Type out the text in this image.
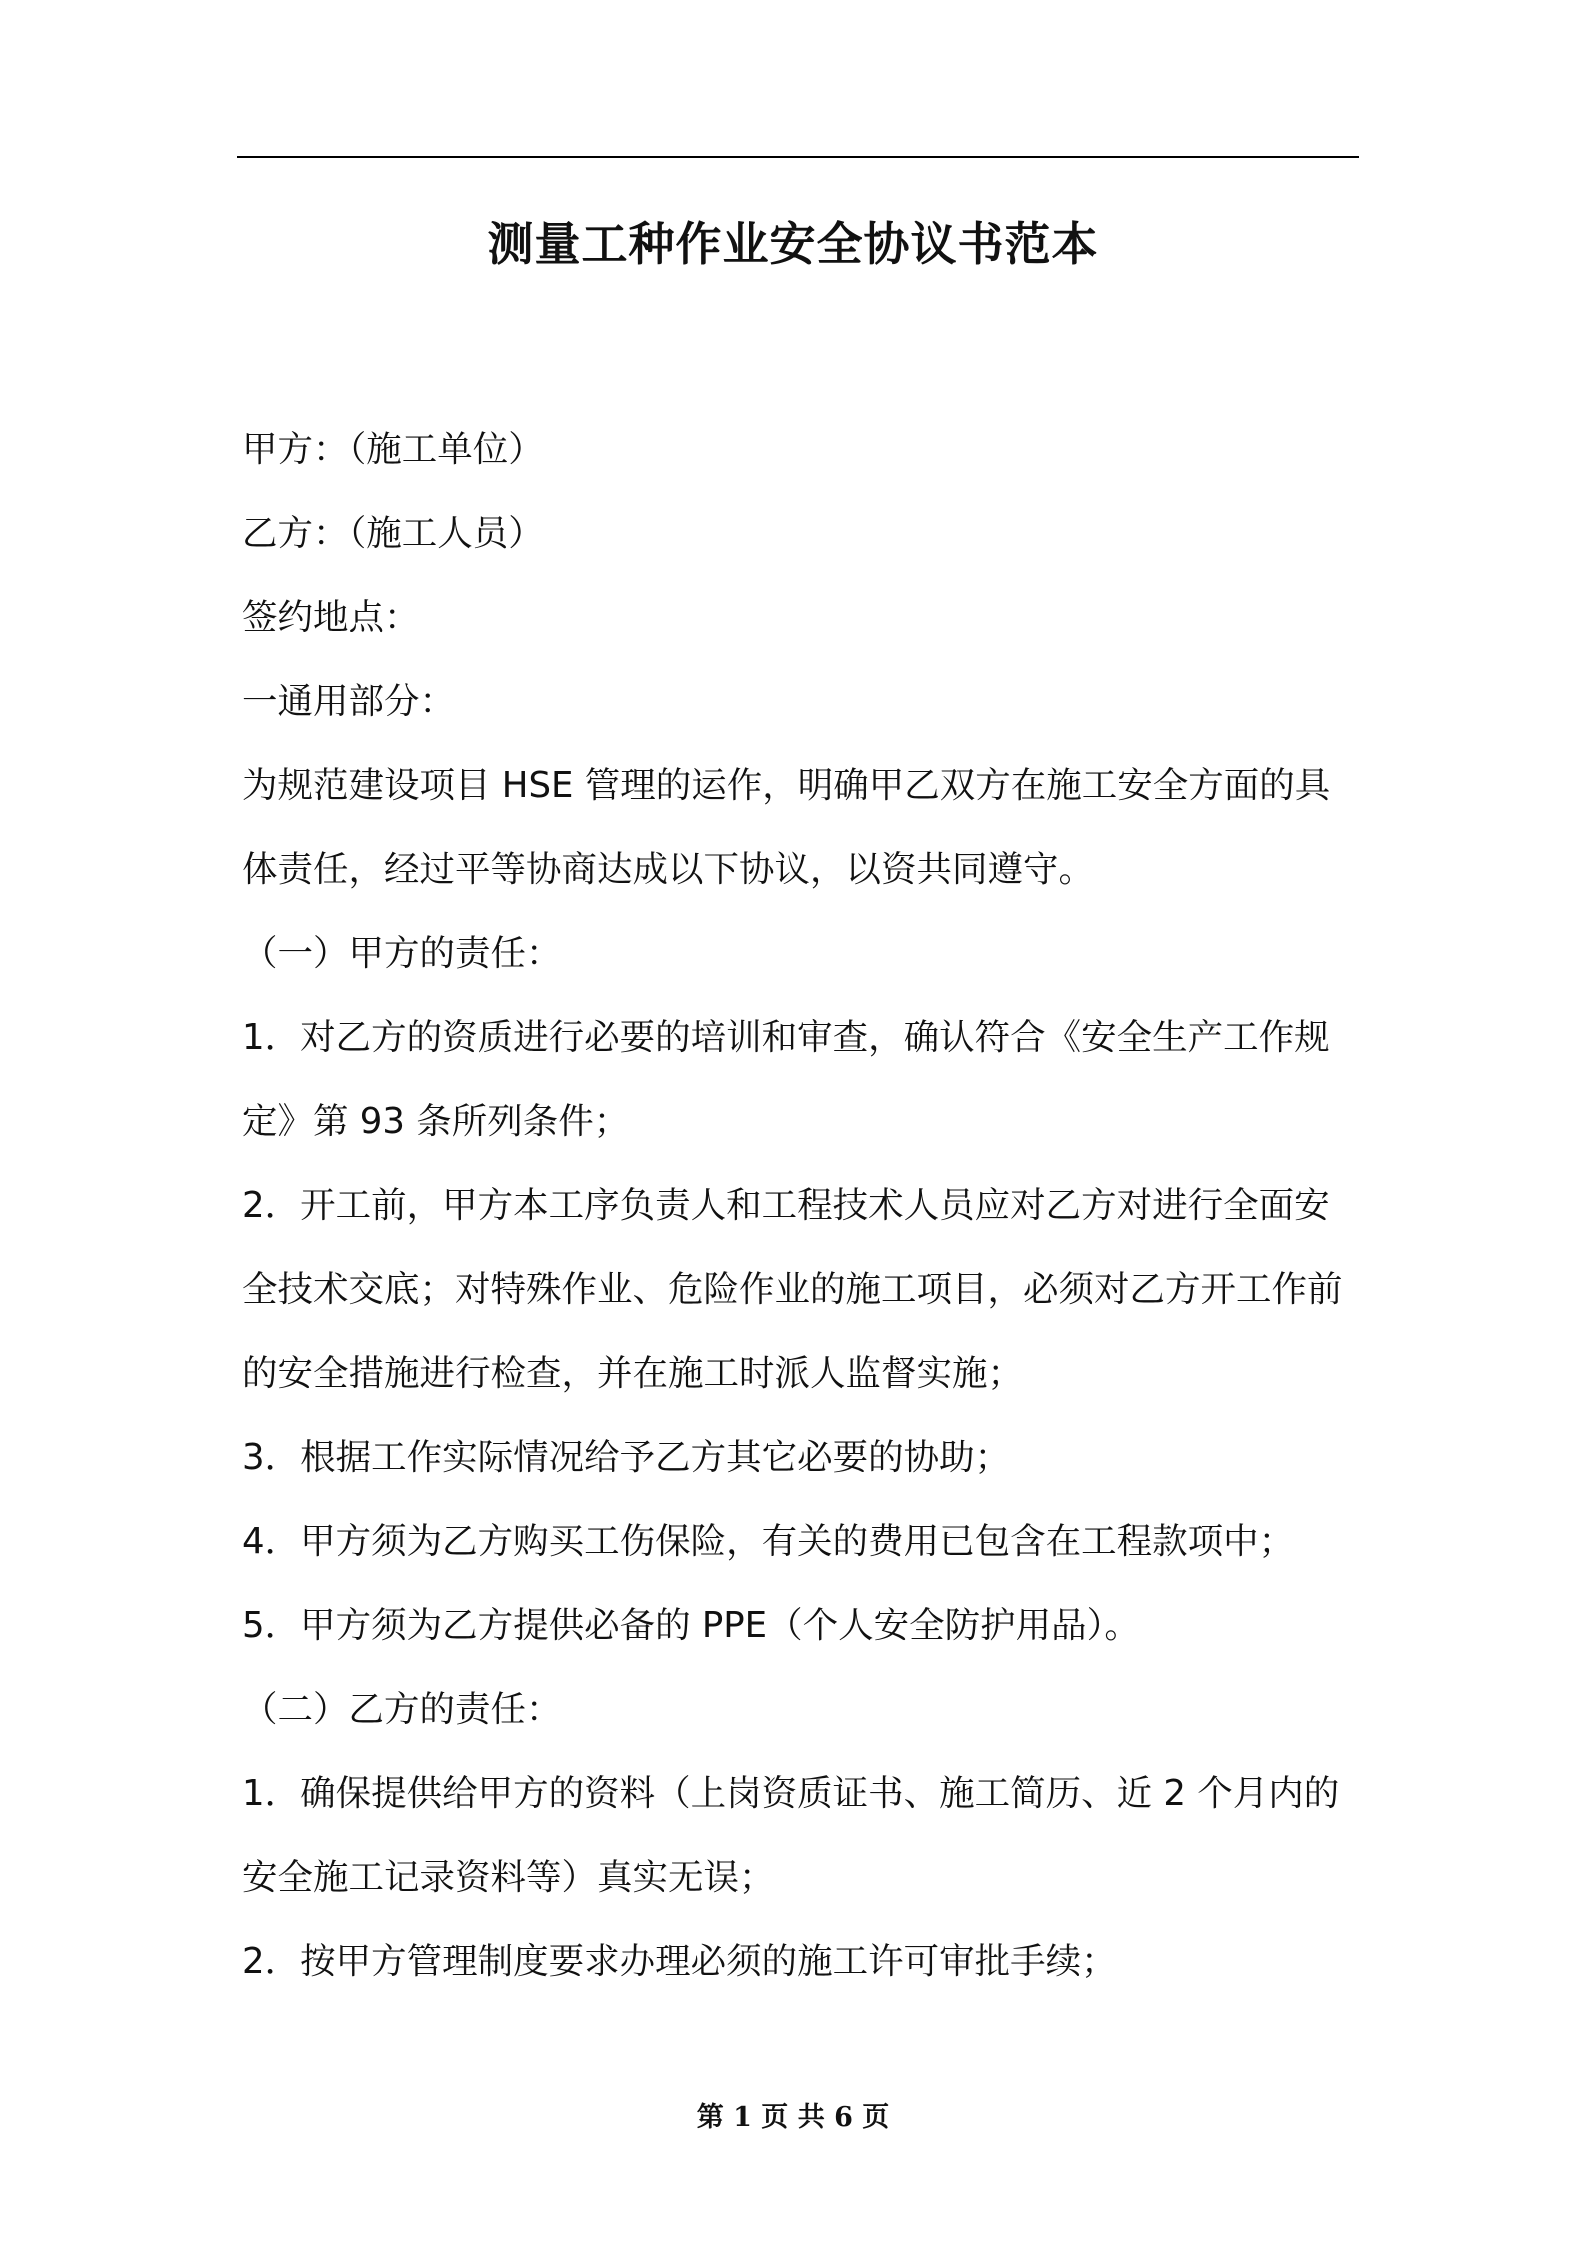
测量工种作业安全协议书范本

甲方：（施工单位）

乙方：（施工人员）

签约地点：

一通用部分：

为规范建设项目 HSE 管理的运作，明确甲乙双方在施工安全方面的具体责任，经过平等协商达成以下协议，以资共同遵守。

（一）甲方的责任：

1．对乙方的资质进行必要的培训和审查，确认符合《安全生产工作规定》第 93 条所列条件；

2．开工前，甲方本工序负责人和工程技术人员应对乙方对进行全面安全技术交底；对特殊作业、危险作业的施工项目，必须对乙方开工作前的安全措施进行检查，并在施工时派人监督实施；

3．根据工作实际情况给予乙方其它必要的协助；

4．甲方须为乙方购买工伤保险，有关的费用已包含在工程款项中；

5．甲方须为乙方提供必备的 PPE（个人安全防护用品）。

（二）乙方的责任：

1．确保提供给甲方的资料（上岗资质证书、施工简历、近 2 个月内的安全施工记录资料等）真实无误；

2．按甲方管理制度要求办理必须的施工许可审批手续；

第 1 页 共 6 页
